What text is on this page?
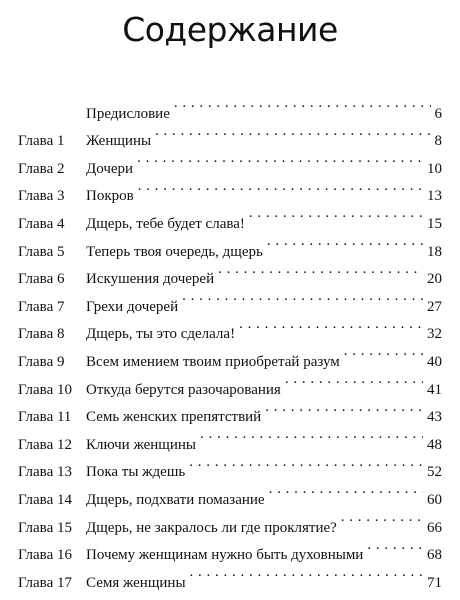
Содержание
Предисловие . . .	6
Глава 1	Женщины . . .	8
Глава 2	Дочери . . .	10
Глава 3	Покров . . .	13
Глава 4	Дщерь, тебе будет слава! . . .	15
Глава 5	Теперь твоя очередь, дщерь . . .	18
Глава 6	Искушения дочерей . . .	20
Глава 7	Грехи дочерей . . .	27
Глава 8	Дщерь, ты это сделала! . . .	32
Глава 9	Всем имением твоим приобретай разум . . .	40
Глава 10 Откуда берутся разочарования . . .	41
Глава 11 Семь женских препятствий . . .	43
Глава 12 Ключи женщины . . .	48
Глава 13 Пока ты ждешь . . .	52
Глава 14 Дщерь, подхвати помазание . . .	60
Глава 15 Дщерь, не закралось ли где проклятие? . . .	66
Глава 16 Почему женщинам нужно быть духовными . . .	68
Глава 17 Семя женщины . . .	71
